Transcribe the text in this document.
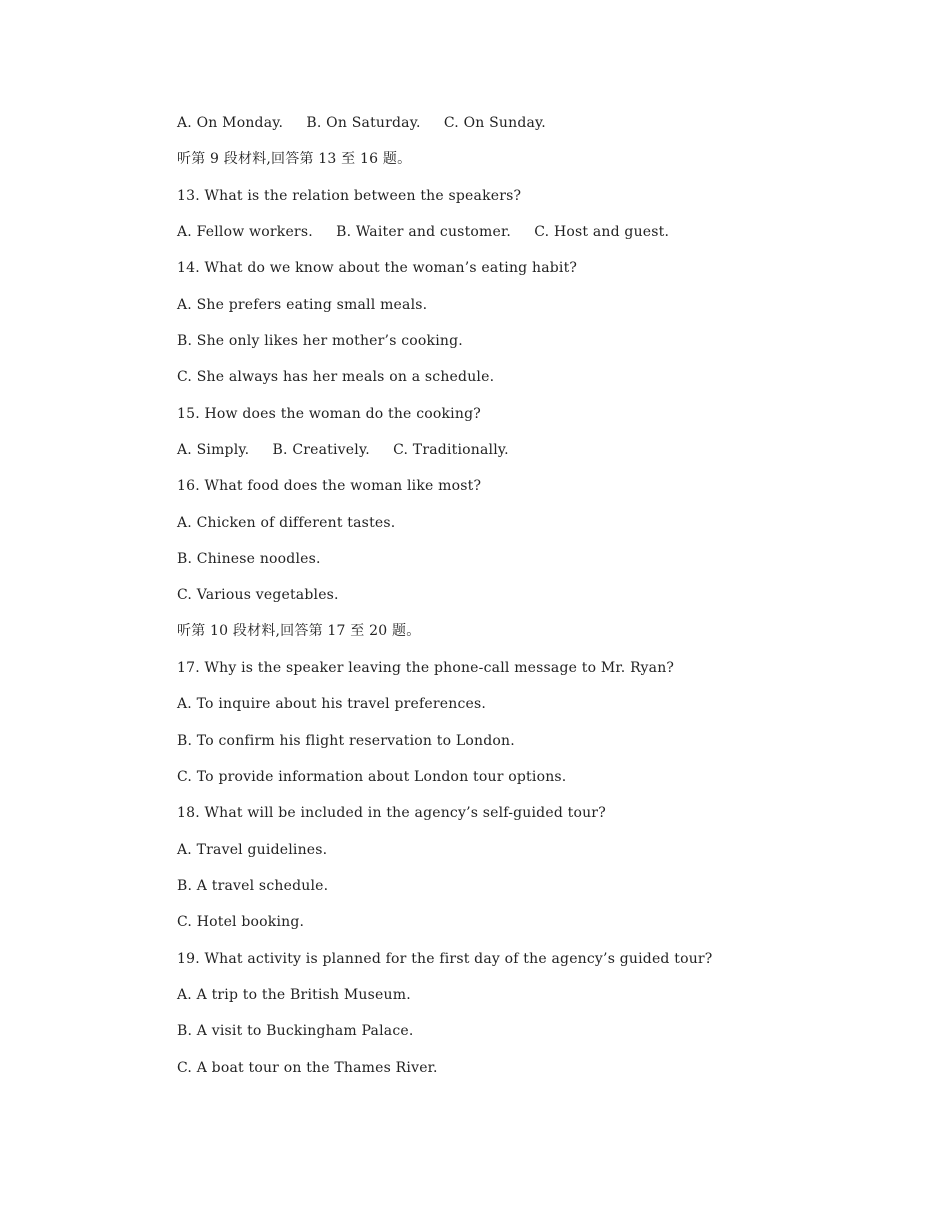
A. On Monday.     B. On Saturday.     C. On Sunday.

听第 9 段材料,回答第 13 至 16 题。

13. What is the relation between the speakers?

A. Fellow workers.     B. Waiter and customer.     C. Host and guest.

14. What do we know about the woman’s eating habit?

A. She prefers eating small meals.

B. She only likes her mother’s cooking.

C. She always has her meals on a schedule.

15. How does the woman do the cooking?

A. Simply.     B. Creatively.     C. Traditionally.

16. What food does the woman like most?

A. Chicken of different tastes.

B. Chinese noodles.

C. Various vegetables.

听第 10 段材料,回答第 17 至 20 题。

17. Why is the speaker leaving the phone-call message to Mr. Ryan?

A. To inquire about his travel preferences.

B. To confirm his flight reservation to London.

C. To provide information about London tour options.

18. What will be included in the agency’s self-guided tour?

A. Travel guidelines.

B. A travel schedule.

C. Hotel booking.

19. What activity is planned for the first day of the agency’s guided tour?

A. A trip to the British Museum.

B. A visit to Buckingham Palace.

C. A boat tour on the Thames River.
